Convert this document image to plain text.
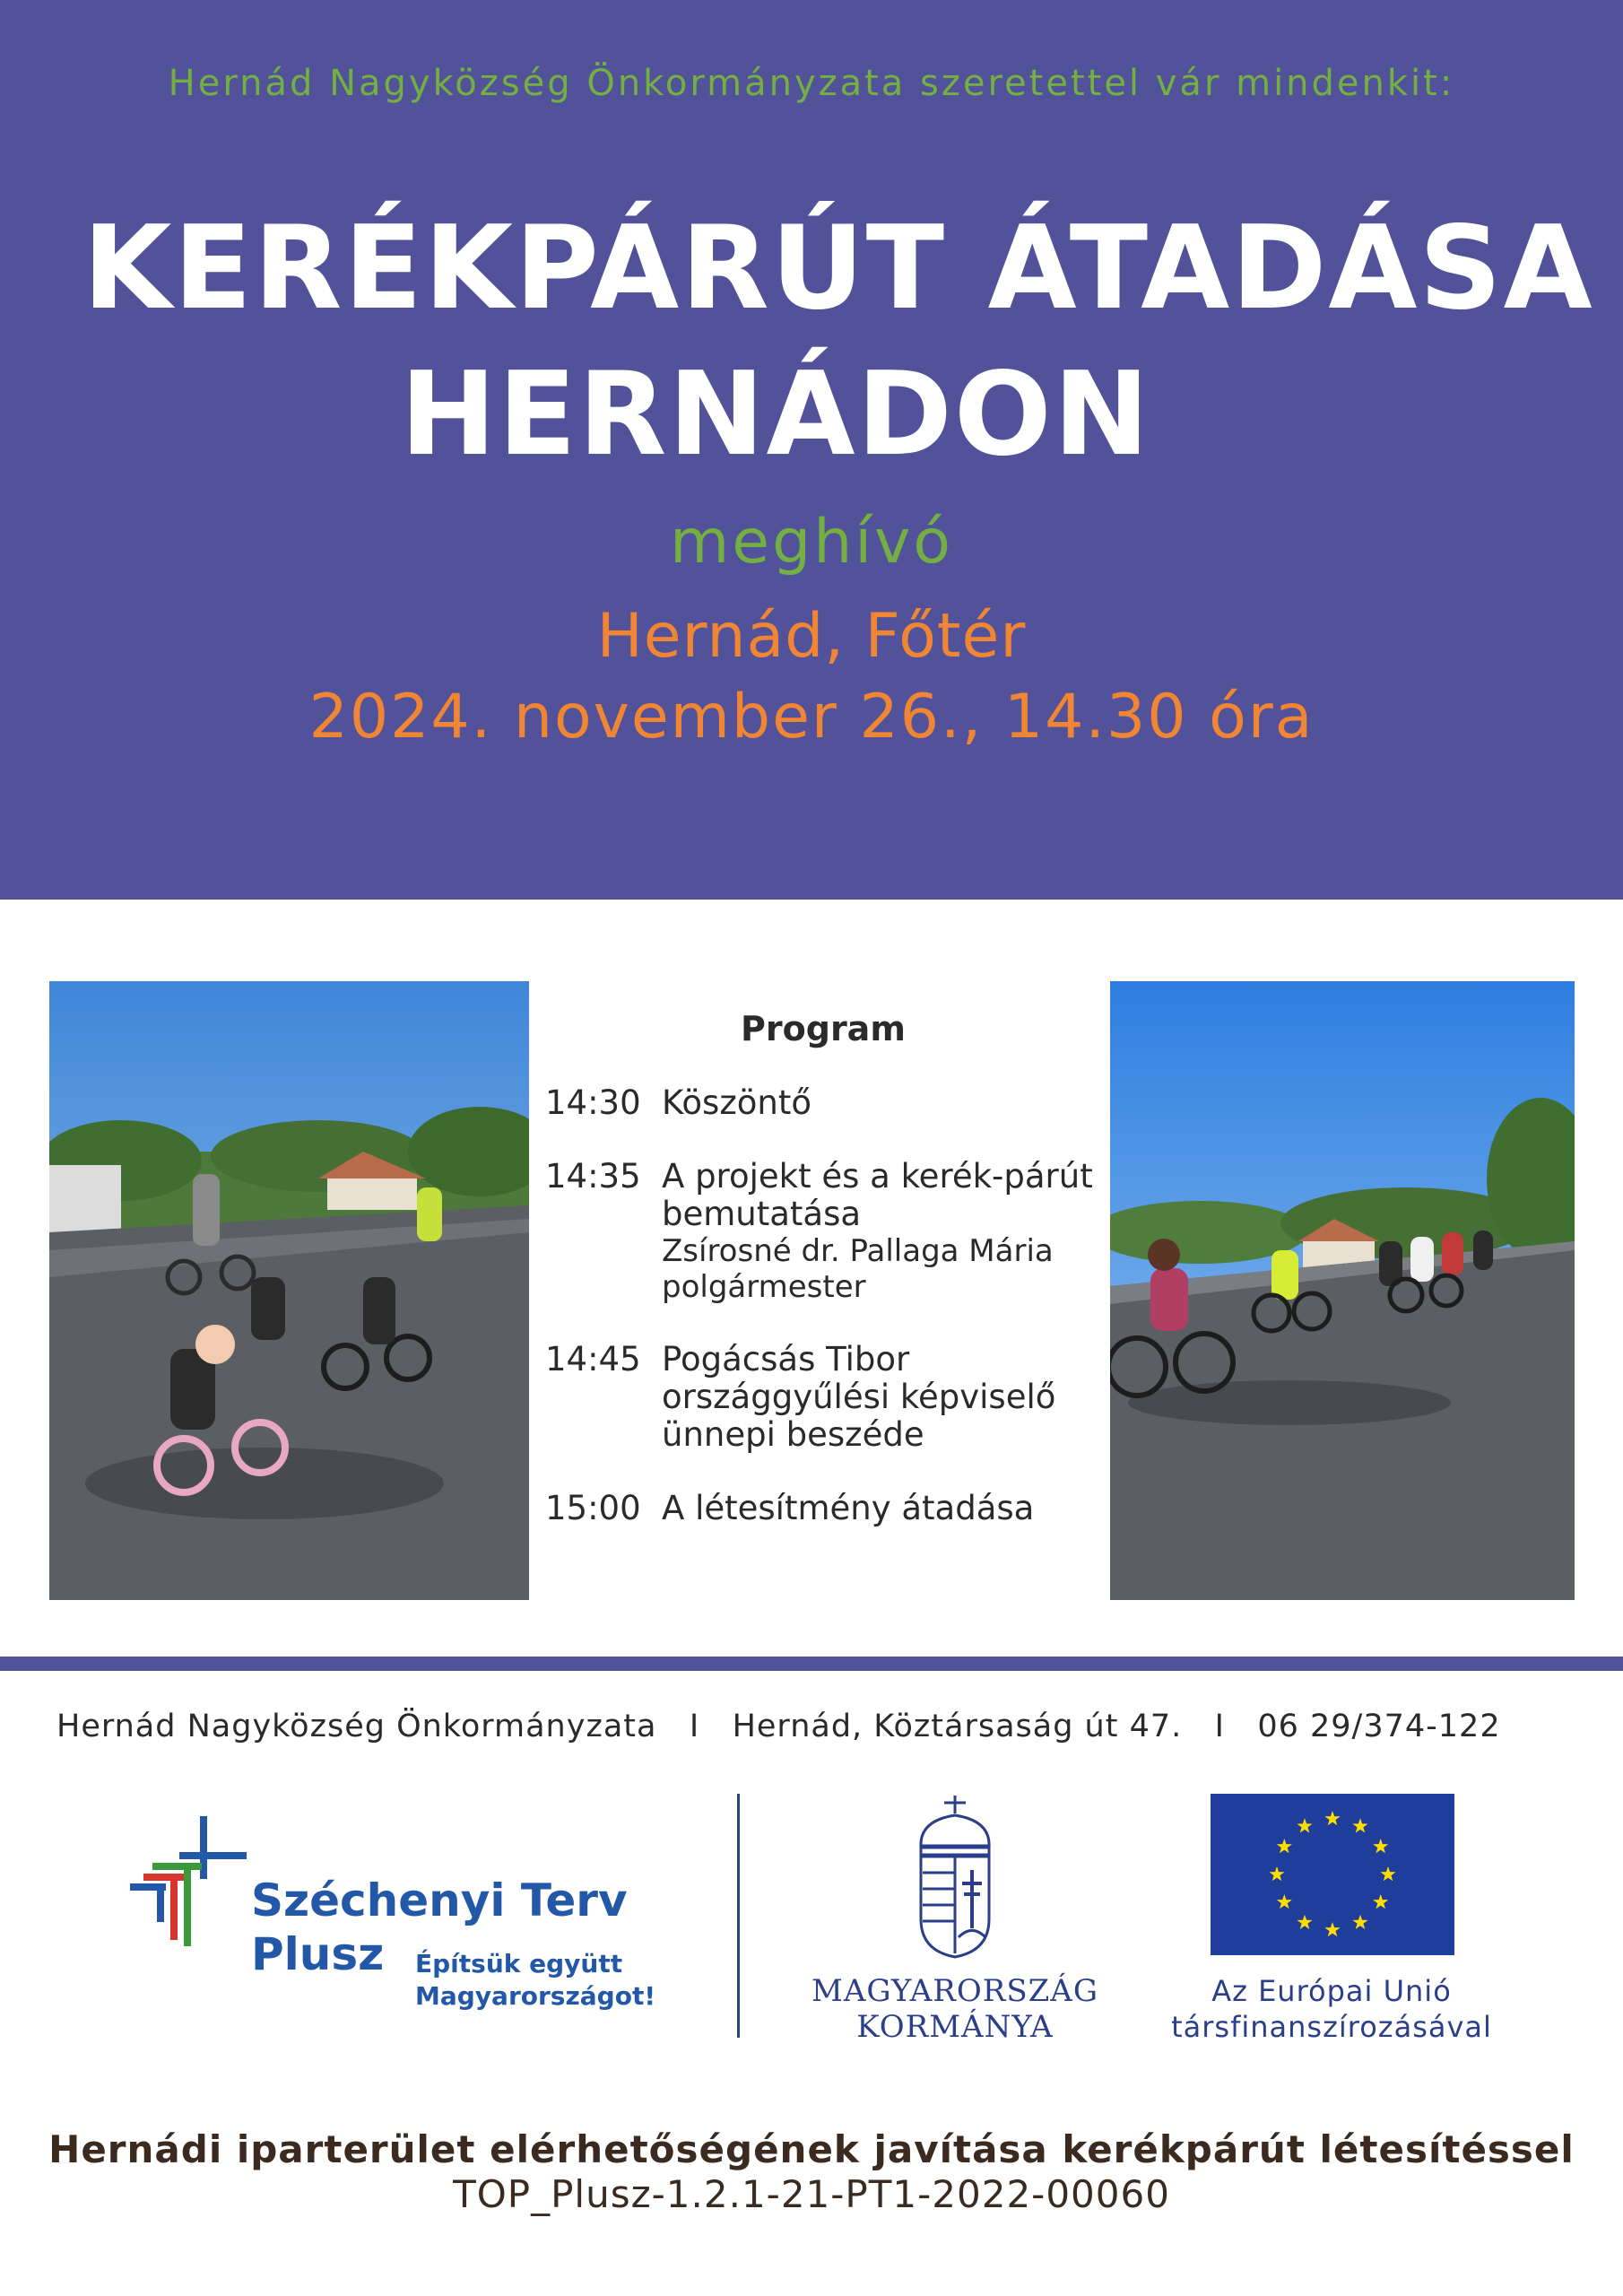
Hernád Nagyközség Önkormányzata szeretettel vár mindenkit:
KERÉKPÁRÚT ÁTADÁSA
HERNÁDON
meghívó
Hernád, Főtér
2024. november 26., 14.30 óra
Program
14:30 Köszöntő
14:35 A projekt és a kerék-párút bemutatása
Zsírosné dr. Pallaga Mária polgármester
14:45 Pogácsás Tibor országgyűlési képviselő ünnepi beszéde
15:00 A létesítmény átadása
Hernád Nagyközség Önkormányzata I Hernád, Köztársaság út 47. I 06 29/374-122
Széchenyi Terv
Plusz Építsük együtt
Magyarországot!	MAGYARORSZÁG
KORMÁNYA
Az Európai Unió
társfinanszírozásával
Hernádi iparterület elérhetőségének javítása kerékpárút létesítéssel
TOP_Plusz-1.2.1-21-PT1-2022-00060
